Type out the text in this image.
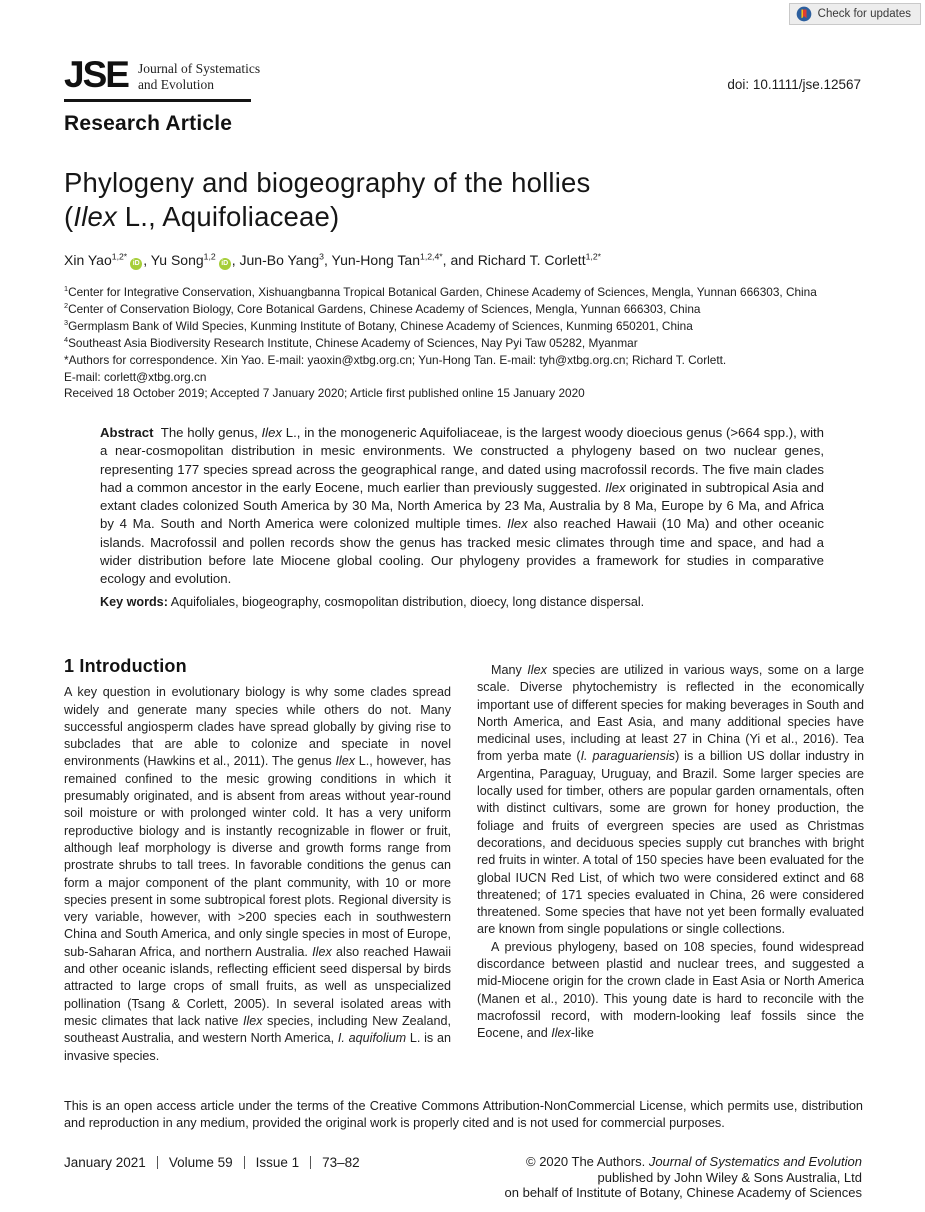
Check for updates
JSE Journal of Systematics
and Evolution	doi: 10.1111/jse.12567
Research Article
Phylogeny and biogeography of the hollies
(Ilex L., Aquifoliaceae)
Xin Yao$^{1,2*}$iD , Yu Song$^{1,2}$iD , Jun-Bo Yang$^3$, Yun-Hong Tan$^{1,2,4*}$, and Richard T. Corlett$^{1,2*}$
$^1$Center for Integrative Conservation, Xishuangbanna Tropical Botanical Garden, Chinese Academy of Sciences, Mengla, Yunnan 666303, China
$^2$Center of Conservation Biology, Core Botanical Gardens, Chinese Academy of Sciences, Mengla, Yunnan 666303, China
$^3$Germplasm Bank of Wild Species, Kunming Institute of Botany, Chinese Academy of Sciences, Kunming 650201, China
$^4$Southeast Asia Biodiversity Research Institute, Chinese Academy of Sciences, Nay Pyi Taw 05282, Myanmar
*Authors for correspondence. Xin Yao. E-mail: yaoxin@xtbg.org.cn; Yun-Hong Tan. E-mail: tyh@xtbg.org.cn; Richard T. Corlett.
E-mail: corlett@xtbg.org.cn
Received 18 October 2019; Accepted 7 January 2020; Article first published online 15 January 2020

Abstract  The holly genus, Ilex L., in the monogeneric Aquifoliaceae, is the largest woody dioecious genus (>664 spp.), with a near-cosmopolitan distribution in mesic environments. We constructed a phylogeny based on two nuclear genes, representing 177 species spread across the geographical range, and dated using macrofossil records. The five main clades had a common ancestor in the early Eocene, much earlier than previously suggested. Ilex originated in subtropical Asia and extant clades colonized South America by 30 Ma, North America by 23 Ma, Australia by 8 Ma, Europe by 6 Ma, and Africa by 4 Ma. South and North America were colonized multiple times. Ilex also reached Hawaii (10 Ma) and other oceanic islands. Macrofossil and pollen records show the genus has tracked mesic climates through time and space, and had a wider distribution before late Miocene global cooling. Our phylogeny provides a framework for studies in comparative ecology and evolution.

Key words: Aquifoliales, biogeography, cosmopolitan distribution, dioecy, long distance dispersal.

1 Introduction

A key question in evolutionary biology is why some clades spread widely and generate many species while others do not. Many successful angiosperm clades have spread globally by giving rise to subclades that are able to colonize and speciate in novel environments (Hawkins et al., 2011). The genus Ilex L., however, has remained confined to the mesic growing conditions in which it presumably originated, and is absent from areas without year-round soil moisture or with prolonged winter cold. It has a very uniform reproductive biology and is instantly recognizable in flower or fruit, although leaf morphology is diverse and growth forms range from prostrate shrubs to tall trees. In favorable conditions the genus can form a major component of the plant community, with 10 or more species present in some subtropical forest plots. Regional diversity is very variable, however, with >200 species each in southwestern China and South America, and only single species in most of Europe, sub-Saharan Africa, and northern Australia. Ilex also reached Hawaii and other oceanic islands, reflecting efficient seed dispersal by birds attracted to large crops of small fruits, as well as unspecialized pollination (Tsang & Corlett, 2005). In several isolated areas with mesic climates that lack native Ilex species, including New Zealand, southeast Australia, and western North America, I. aquifolium L. is an invasive species.

Many Ilex species are utilized in various ways, some on a large scale. Diverse phytochemistry is reflected in the economically important use of different species for making beverages in South and North America, and East Asia, and many additional species have medicinal uses, including at least 27 in China (Yi et al., 2016). Tea from yerba mate (I. paraguariensis) is a billion US dollar industry in Argentina, Paraguay, Uruguay, and Brazil. Some larger species are locally used for timber, others are popular garden ornamentals, often with distinct cultivars, some are grown for honey production, the foliage and fruits of evergreen species are used as Christmas decorations, and deciduous species supply cut branches with bright red fruits in winter. A total of 150 species have been evaluated for the global IUCN Red List, of which two were considered extinct and 68 threatened; of 171 species evaluated in China, 26 were considered threatened. Some species that have not yet been formally evaluated are known from single populations or single collections.

A previous phylogeny, based on 108 species, found widespread discordance between plastid and nuclear trees, and suggested a mid-Miocene origin for the crown clade in East Asia or North America (Manen et al., 2010). This young date is hard to reconcile with the macrofossil record, with modern-looking leaf fossils since the Eocene, and Ilex-like

This is an open access article under the terms of the Creative Commons Attribution-NonCommercial License, which permits use, distribution and reproduction in any medium, provided the original work is properly cited and is not used for commercial purposes.

January 2021 Volume 59 Issue 1 73–82	© 2020 The Authors. Journal of Systematics and Evolution
published by John Wiley & Sons Australia, Ltd
on behalf of Institute of Botany, Chinese Academy of Sciences
